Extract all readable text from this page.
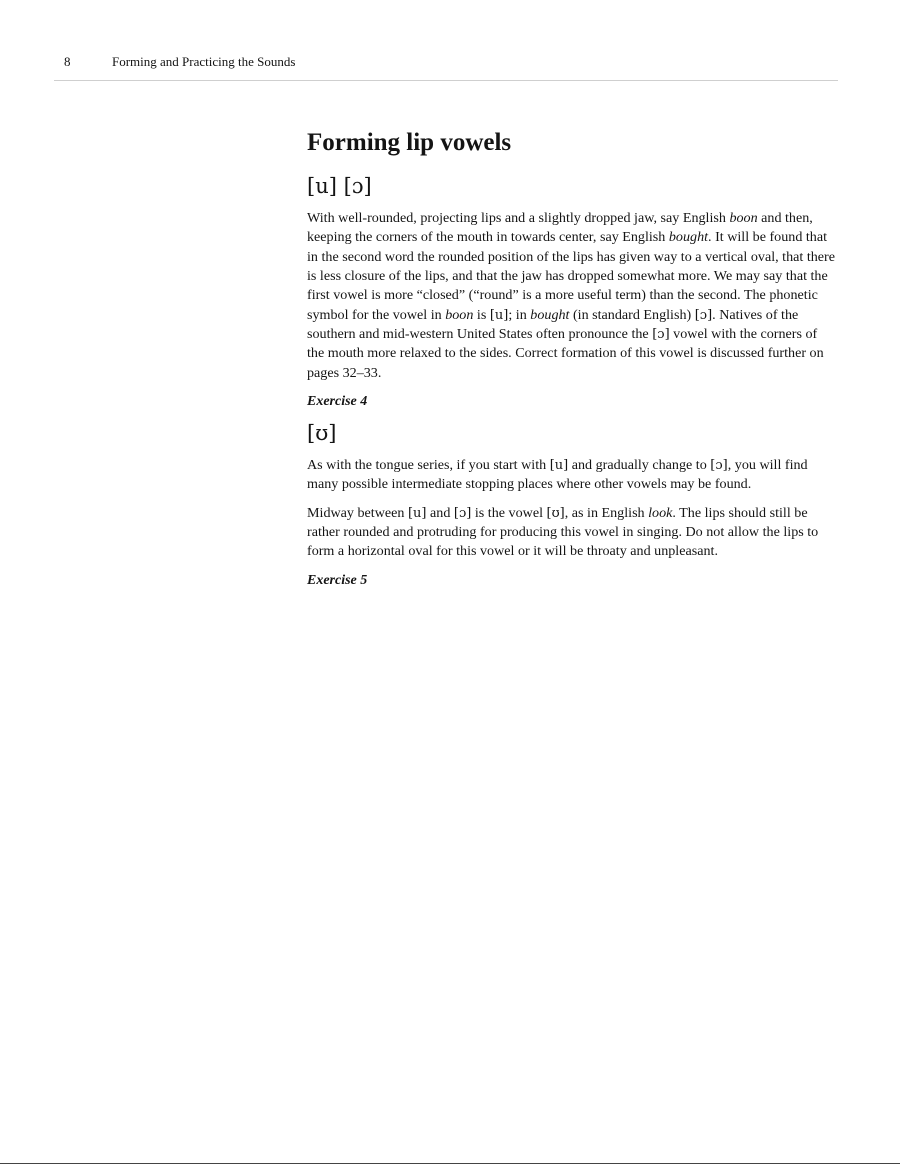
8	Forming and Practicing the Sounds
Forming lip vowels
[u] [ɔ]

With well-rounded, projecting lips and a slightly dropped jaw, say English boon and then, keeping the corners of the mouth in towards center, say English bought. It will be found that in the second word the rounded position of the lips has given way to a vertical oval, that there is less closure of the lips, and that the jaw has dropped somewhat more. We may say that the first vowel is more “closed” (“round” is a more useful term) than the second. The phonetic symbol for the vowel in boon is [u]; in bought (in standard English) [ɔ]. Natives of the southern and mid-western United States often pronounce the [ɔ] vowel with the corners of the mouth more relaxed to the sides. Correct formation of this vowel is discussed further on pages 32–33.

Exercise 4
[ʊ]

As with the tongue series, if you start with [u] and gradually change to [ɔ], you will find many possible intermediate stopping places where other vowels may be found.

Midway between [u] and [ɔ] is the vowel [ʊ], as in English look. The lips should still be rather rounded and protruding for producing this vowel in singing. Do not allow the lips to form a horizontal oval for this vowel or it will be throaty and unpleasant.

Exercise 5
